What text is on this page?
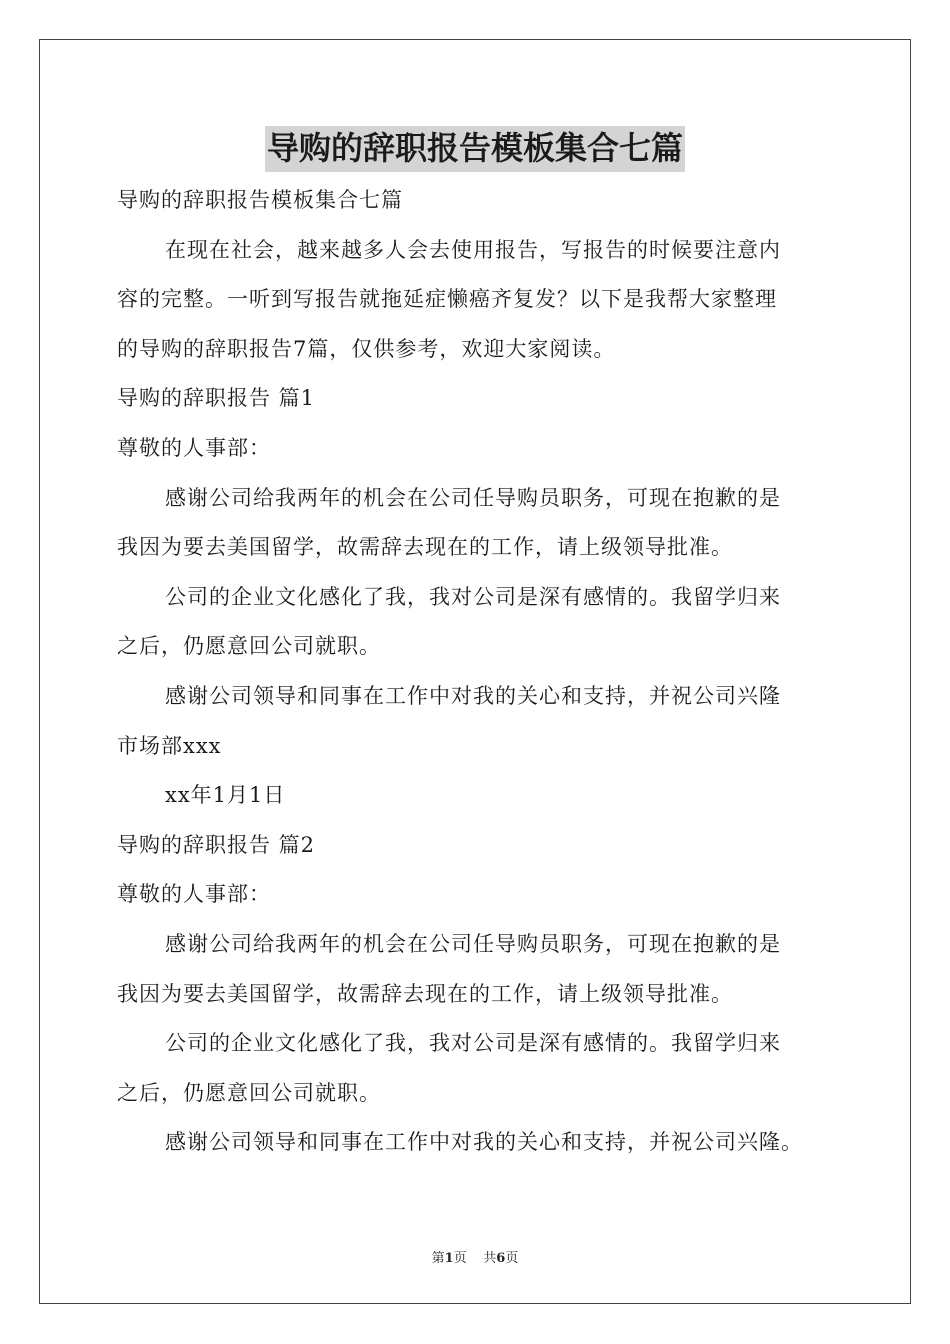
导购的辞职报告模板集合七篇
导购的辞职报告模板集合七篇
在现在社会，越来越多人会去使用报告，写报告的时候要注意内
容的完整。一听到写报告就拖延症懒癌齐复发？以下是我帮大家整理
的导购的辞职报告7篇，仅供参考，欢迎大家阅读。
导购的辞职报告 篇1
尊敬的人事部：
感谢公司给我两年的机会在公司任导购员职务，可现在抱歉的是
我因为要去美国留学，故需辞去现在的工作，请上级领导批准。
公司的企业文化感化了我，我对公司是深有感情的。我留学归来
之后，仍愿意回公司就职。
感谢公司领导和同事在工作中对我的关心和支持，并祝公司兴隆
市场部xxx
xx年1月1日
导购的辞职报告 篇2
尊敬的人事部：
感谢公司给我两年的机会在公司任导购员职务，可现在抱歉的是
我因为要去美国留学，故需辞去现在的工作，请上级领导批准。
公司的企业文化感化了我，我对公司是深有感情的。我留学归来
之后，仍愿意回公司就职。
感谢公司领导和同事在工作中对我的关心和支持，并祝公司兴隆。
第1页 共6页
